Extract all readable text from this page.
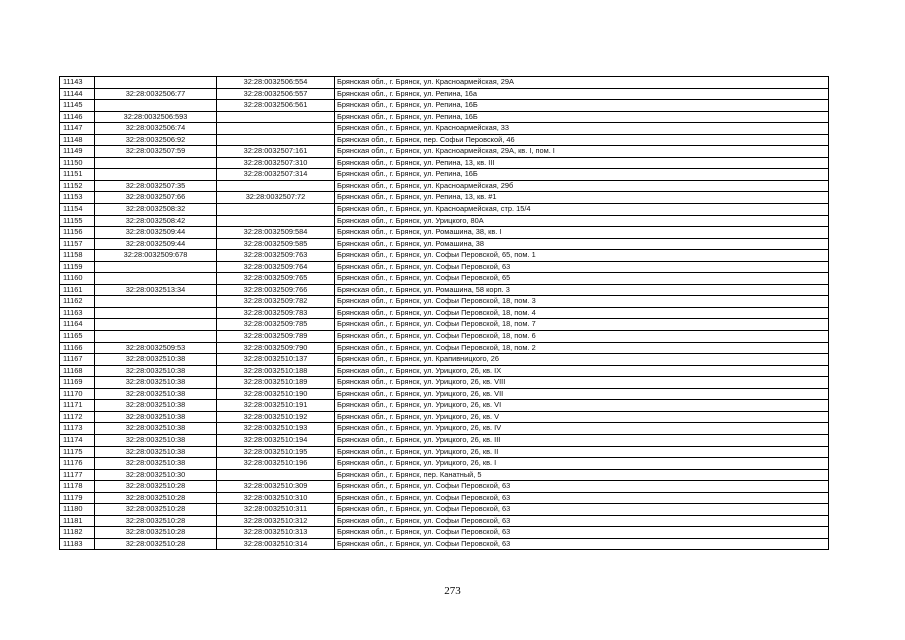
11143		32:28:0032506:554	Брянская обл., г. Брянск, ул. Красноармейская, 29А
11144	32:28:0032506:77	32:28:0032506:557	Брянская обл., г. Брянск, ул. Репина, 16а
11145		32:28:0032506:561	Брянская обл., г. Брянск, ул. Репина, 16Б
11146	32:28:0032506:593		Брянская обл., г. Брянск, ул. Репина, 16Б
11147	32:28:0032506:74		Брянская обл., г. Брянск, ул. Красноармейская, 33
11148	32:28:0032506:92		Брянская обл., г. Брянск, пер. Софьи Перовской, 46
11149	32:28:0032507:59	32:28:0032507:161	Брянская обл., г. Брянск, ул. Красноармейская, 29А, кв. I, пом. I
11150		32:28:0032507:310	Брянская обл., г. Брянск, ул. Репина, 13, кв. III
11151		32:28:0032507:314	Брянская обл., г. Брянск, ул. Репина, 16Б
11152	32:28:0032507:35		Брянская обл., г. Брянск, ул. Красноармейская, 29б
11153	32:28:0032507:66	32:28:0032507:72	Брянская обл., г. Брянск, ул. Репина, 13, кв. #1
11154	32:28:0032508:32		Брянская обл., г. Брянск, ул. Красноармейская, стр. 15/4
11155	32:28:0032508:42		Брянская обл., г. Брянск, ул. Урицкого, 80А
11156	32:28:0032509:44	32:28:0032509:584	Брянская обл., г. Брянск, ул. Ромашина, 38, кв. I
11157	32:28:0032509:44	32:28:0032509:585	Брянская обл., г. Брянск, ул. Ромашина, 38
11158	32:28:0032509:678	32:28:0032509:763	Брянская обл., г. Брянск, ул. Софьи Перовской, 65, пом. 1
11159		32:28:0032509:764	Брянская обл., г. Брянск, ул. Софьи Перовской, 63
11160		32:28:0032509:765	Брянская обл., г. Брянск, ул. Софьи Перовской, 65
11161	32:28:0032513:34	32:28:0032509:766	Брянская обл., г. Брянск, ул. Ромашина, 58 корп. 3
11162		32:28:0032509:782	Брянская обл., г. Брянск, ул. Софьи Перовской, 18, пом. 3
11163		32:28:0032509:783	Брянская обл., г. Брянск, ул. Софьи Перовской, 18, пом. 4
11164		32:28:0032509:785	Брянская обл., г. Брянск, ул. Софьи Перовской, 18, пом. 7
11165		32:28:0032509:789	Брянская обл., г. Брянск, ул. Софьи Перовской, 18, пом. 6
11166	32:28:0032509:53	32:28:0032509:790	Брянская обл., г. Брянск, ул. Софьи Перовской, 18, пом. 2
11167	32:28:0032510:38	32:28:0032510:137	Брянская обл., г. Брянск, ул. Крапивницкого, 26
11168	32:28:0032510:38	32:28:0032510:188	Брянская обл., г. Брянск, ул. Урицкого, 26, кв. IX
11169	32:28:0032510:38	32:28:0032510:189	Брянская обл., г. Брянск, ул. Урицкого, 26, кв. VIII
11170	32:28:0032510:38	32:28:0032510:190	Брянская обл., г. Брянск, ул. Урицкого, 26, кв. VII
11171	32:28:0032510:38	32:28:0032510:191	Брянская обл., г. Брянск, ул. Урицкого, 26, кв. VI
11172	32:28:0032510:38	32:28:0032510:192	Брянская обл., г. Брянск, ул. Урицкого, 26, кв. V
11173	32:28:0032510:38	32:28:0032510:193	Брянская обл., г. Брянск, ул. Урицкого, 26, кв. IV
11174	32:28:0032510:38	32:28:0032510:194	Брянская обл., г. Брянск, ул. Урицкого, 26, кв. III
11175	32:28:0032510:38	32:28:0032510:195	Брянская обл., г. Брянск, ул. Урицкого, 26, кв. II
11176	32:28:0032510:38	32:28:0032510:196	Брянская обл., г. Брянск, ул. Урицкого, 26, кв. I
11177	32:28:0032510:30		Брянская обл., г. Брянск, пер. Канатный, 5
11178	32:28:0032510:28	32:28:0032510:309	Брянская обл., г. Брянск, ул. Софьи Перовской, 63
11179	32:28:0032510:28	32:28:0032510:310	Брянская обл., г. Брянск, ул. Софьи Перовской, 63
11180	32:28:0032510:28	32:28:0032510:311	Брянская обл., г. Брянск, ул. Софьи Перовской, 63
11181	32:28:0032510:28	32:28:0032510:312	Брянская обл., г. Брянск, ул. Софьи Перовской, 63
11182	32:28:0032510:28	32:28:0032510:313	Брянская обл., г. Брянск, ул. Софьи Перовской, 63
11183	32:28:0032510:28	32:28:0032510:314	Брянская обл., г. Брянск, ул. Софьи Перовской, 63
273
